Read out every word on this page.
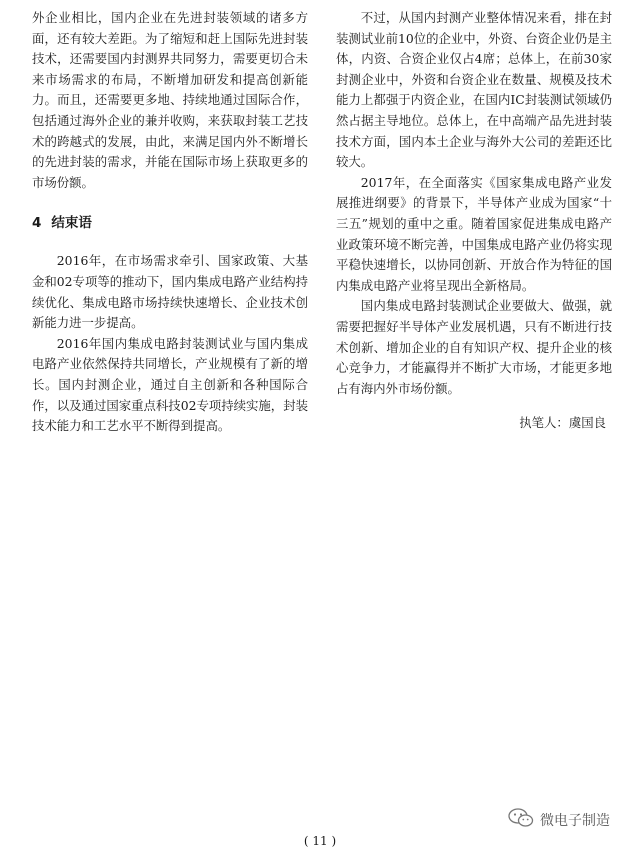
外企业相比，国内企业在先进封装领域的诸多方面，还有较大差距。为了缩短和赶上国际先进封装技术，还需要国内封测界共同努力，需要更切合未来市场需求的布局，不断增加研发和提高创新能力。而且，还需要更多地、持续地通过国际合作，包括通过海外企业的兼并收购，来获取封装工艺技术的跨越式的发展，由此，来满足国内外不断增长的先进封装的需求，并能在国际市场上获取更多的市场份额。

4 结束语

2016年，在市场需求牵引、国家政策、大基金和02专项等的推动下，国内集成电路产业结构持续优化、集成电路市场持续快速增长、企业技术创新能力进一步提高。

2016年国内集成电路封装测试业与国内集成电路产业依然保持共同增长，产业规模有了新的增长。国内封测企业，通过自主创新和各种国际合作，以及通过国家重点科技02专项持续实施，封装技术能力和工艺水平不断得到提高。

不过，从国内封测产业整体情况来看，排在封装测试业前10位的企业中，外资、台资企业仍是主体，内资、合资企业仅占4席；总体上，在前30家封测企业中，外资和台资企业在数量、规模及技术能力上都强于内资企业，在国内IC封装测试领域仍然占据主导地位。总体上，在中高端产品先进封装技术方面，国内本土企业与海外大公司的差距还比较大。

2017年，在全面落实《国家集成电路产业发展推进纲要》的背景下，半导体产业成为国家“十三五”规划的重中之重。随着国家促进集成电路产业政策环境不断完善，中国集成电路产业仍将实现平稳快速增长，以协同创新、开放合作为特征的国内集成电路产业将呈现出全新格局。

国内集成电路封装测试企业要做大、做强，就需要把握好半导体产业发展机遇，只有不断进行技术创新、增加企业的自有知识产权、提升企业的核心竞争力，才能赢得并不断扩大市场，才能更多地占有海内外市场份额。

执笔人：虞国良
( 11 )
微电子制造
